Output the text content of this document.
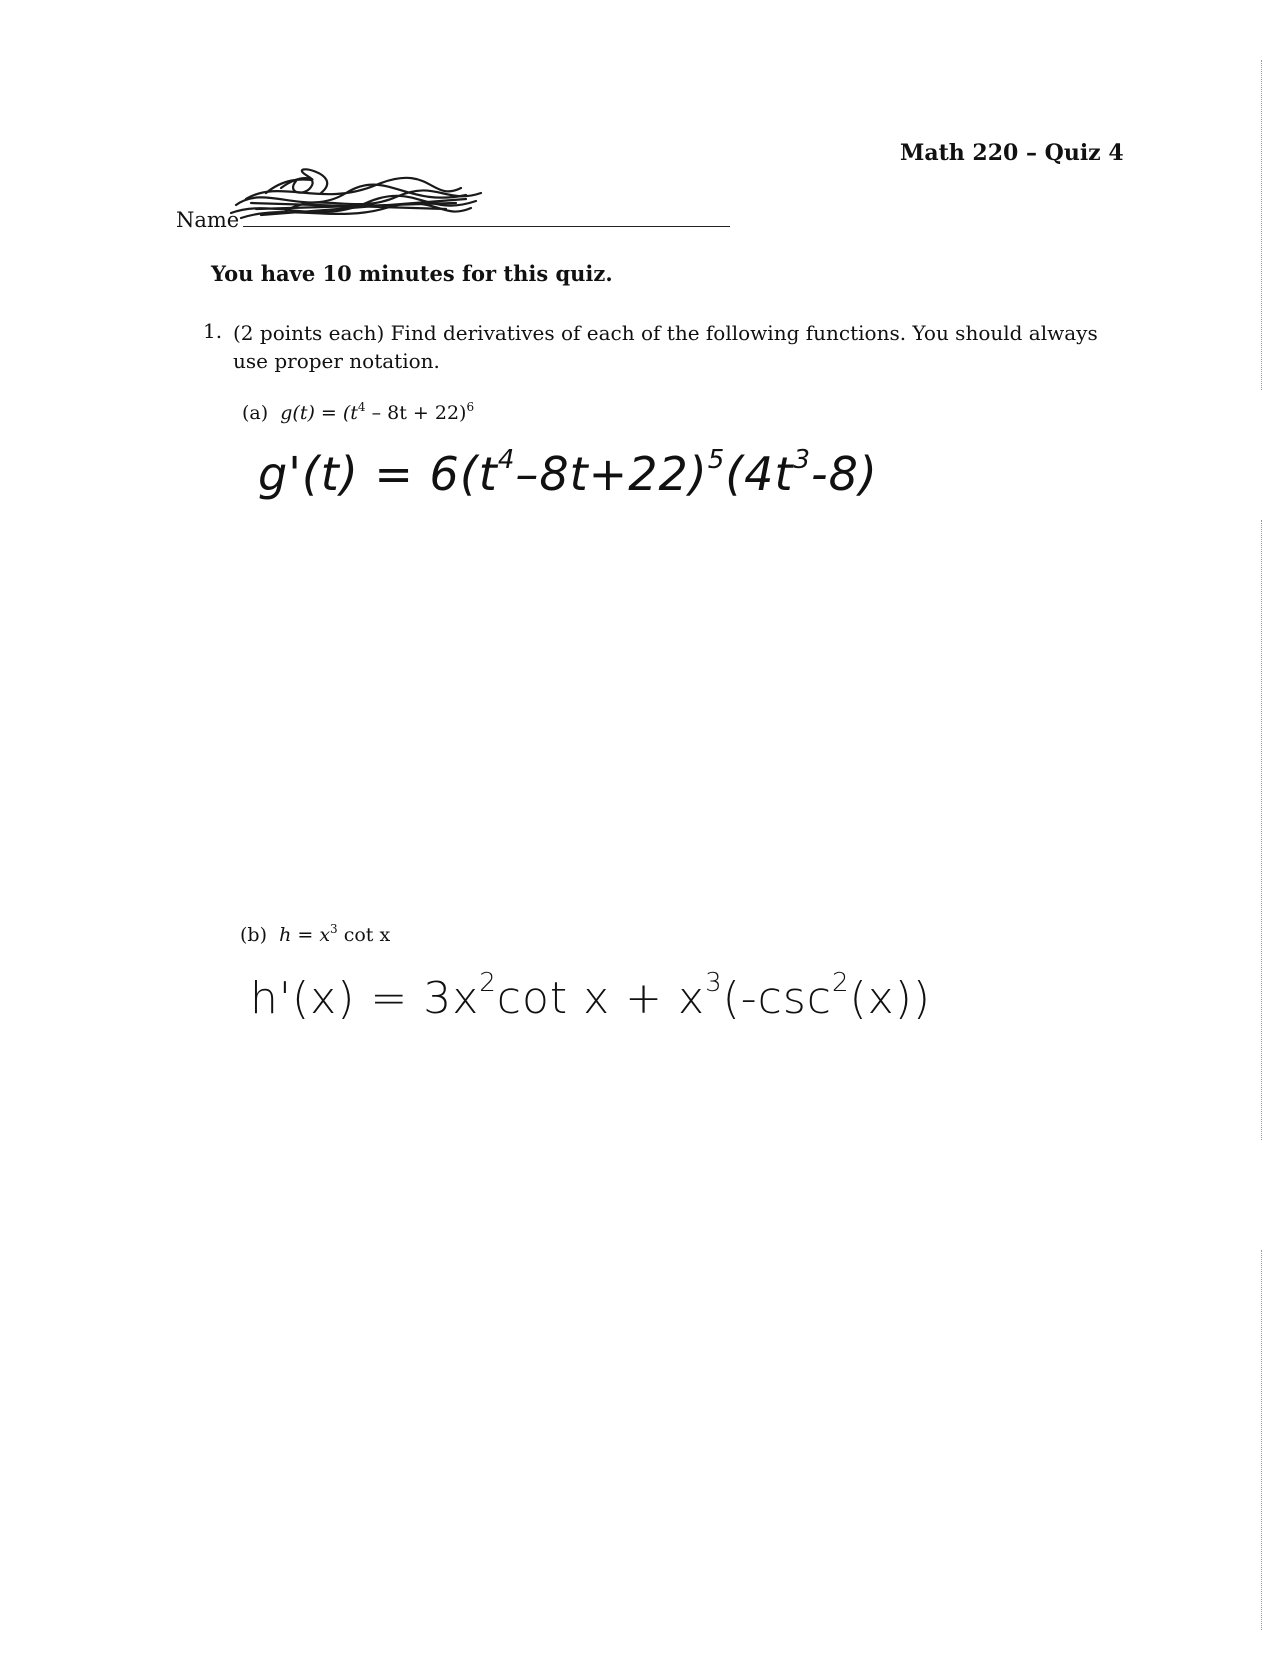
Math 220 – Quiz 4
Name
You have 10 minutes for this quiz.
1. (2 points each) Find derivatives of each of the following functions. You should always use proper notation.
(a) $g(t) = (t^4 - 8t + 22)^6$
$g'(t) = 6(t^4-8t+22)^5(4t^3-8)$
(b) $h = x^3$ cot x
$h'(x) = 3x^2\cot$ $x + x^3(-\csc^2(x))$
